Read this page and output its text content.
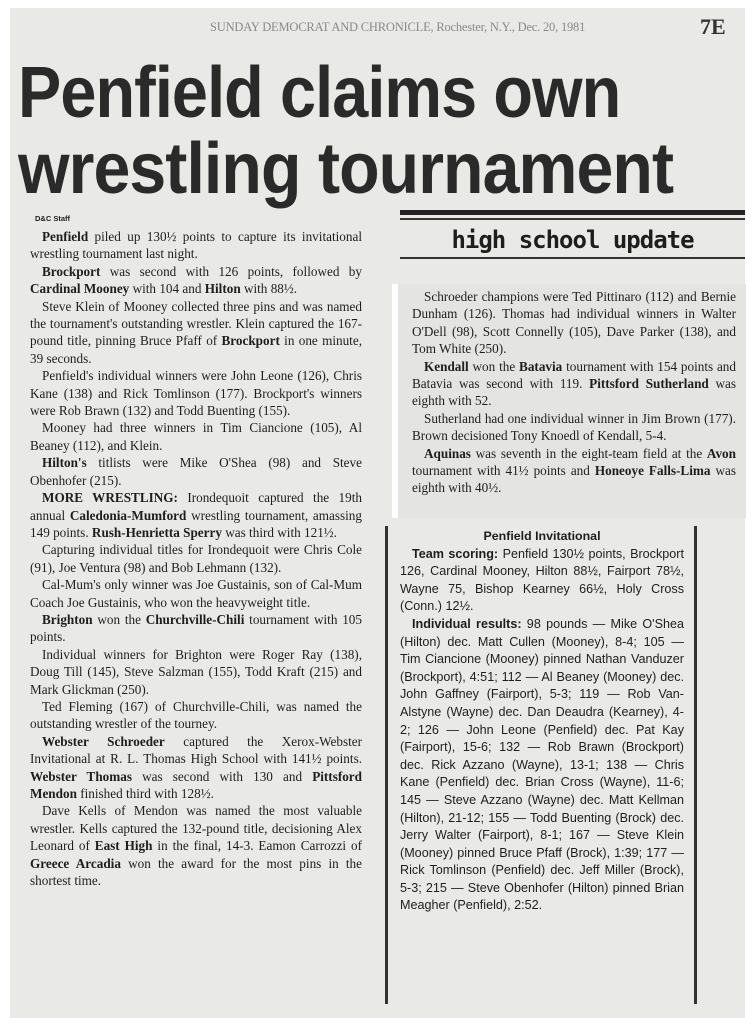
SUNDAY DEMOCRAT AND CHRONICLE, Rochester, N.Y., Dec. 20, 1981	7E
Penfield claims own
wrestling tournament
D&C Staff

Penfield piled up 130½ points to capture its invitational wrestling tournament last night.

Brockport was second with 126 points, followed by Cardinal Mooney with 104 and Hilton with 88½.

Steve Klein of Mooney collected three pins and was named the tournament's outstanding wrestler. Klein captured the 167-pound title, pinning Bruce Pfaff of Brockport in one minute, 39 seconds.

Penfield's individual winners were John Leone (126), Chris Kane (138) and Rick Tomlinson (177). Brockport's winners were Rob Brawn (132) and Todd Buenting (155).

Mooney had three winners in Tim Ciancione (105), Al Beaney (112), and Klein.

Hilton's titlists were Mike O'Shea (98) and Steve Obenhofer (215).

MORE WRESTLING: Irondequoit captured the 19th annual Caledonia-Mumford wrestling tournament, amassing 149 points. Rush-Henrietta Sperry was third with 121½.

Capturing individual titles for Irondequoit were Chris Cole (91), Joe Ventura (98) and Bob Lehmann (132).

Cal-Mum's only winner was Joe Gustainis, son of Cal-Mum Coach Joe Gustainis, who won the heavyweight title.

Brighton won the Churchville-Chili tournament with 105 points.

Individual winners for Brighton were Roger Ray (138), Doug Till (145), Steve Salzman (155), Todd Kraft (215) and Mark Glickman (250).

Ted Fleming (167) of Churchville-Chili, was named the outstanding wrestler of the tourney.

Webster Schroeder captured the Xerox-Webster Invitational at R. L. Thomas High School with 141½ points. Webster Thomas was second with 130 and Pittsford Mendon finished third with 128½.

Dave Kells of Mendon was named the most valuable wrestler. Kells captured the 132-pound title, decisioning Alex Leonard of East High in the final, 14-3. Eamon Carrozzi of Greece Arcadia won the award for the most pins in the shortest time.

high school update

Schroeder champions were Ted Pittinaro (112) and Bernie Dunham (126). Thomas had individual winners in Walter O'Dell (98), Scott Connelly (105), Dave Parker (138), and Tom White (250).

Kendall won the Batavia tournament with 154 points and Batavia was second with 119. Pittsford Sutherland was eighth with 52.

Sutherland had one individual winner in Jim Brown (177). Brown decisioned Tony Knoedl of Kendall, 5-4.

Aquinas was seventh in the eight-team field at the Avon tournament with 41½ points and Honeoye Falls-Lima was eighth with 40½.

Penfield Invitational

Team scoring: Penfield 130½ points, Brockport 126, Cardinal Mooney, Hilton 88½, Fairport 78½, Wayne 75, Bishop Kearney 66½, Holy Cross (Conn.) 12½.

Individual results: 98 pounds — Mike O'Shea (Hilton) dec. Matt Cullen (Mooney), 8-4; 105 — Tim Ciancione (Mooney) pinned Nathan Vanduzer (Brockport), 4:51; 112 — Al Beaney (Mooney) dec. John Gaffney (Fairport), 5-3; 119 — Rob Van-Alstyne (Wayne) dec. Dan Deaudra (Kearney), 4-2; 126 — John Leone (Penfield) dec. Pat Kay (Fairport), 15-6; 132 — Rob Brawn (Brockport) dec. Rick Azzano (Wayne), 13-1; 138 — Chris Kane (Penfield) dec. Brian Cross (Wayne), 11-6; 145 — Steve Azzano (Wayne) dec. Matt Kellman (Hilton), 21-12; 155 — Todd Buenting (Brock) dec. Jerry Walter (Fairport), 8-1; 167 — Steve Klein (Mooney) pinned Bruce Pfaff (Brock), 1:39; 177 — Rick Tomlinson (Penfield) dec. Jeff Miller (Brock), 5-3; 215 — Steve Obenhofer (Hilton) pinned Brian Meagher (Penfield), 2:52.
